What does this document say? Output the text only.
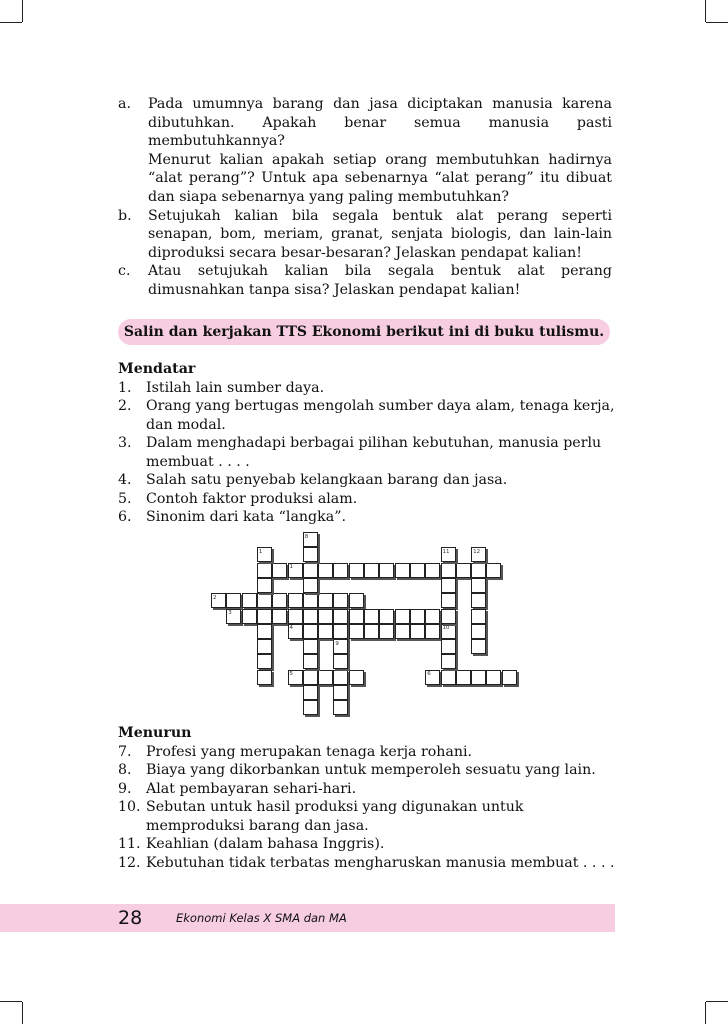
a. Pada umumnya barang dan jasa diciptakan manusia karena dibutuhkan. Apakah benar semua manusia pasti membutuhkannya?

Menurut kalian apakah setiap orang membutuhkan hadirnya “alat perang”? Untuk apa sebenarnya “alat perang” itu dibuat dan siapa sebenarnya yang paling membutuhkan?

b. Setujukah kalian bila segala bentuk alat perang seperti senapan, bom, meriam, granat, senjata biologis, dan lain-lain diproduksi secara besar-besaran? Jelaskan pendapat kalian!

c. Atau setujukah kalian bila segala bentuk alat perang dimusnahkan tanpa sisa? Jelaskan pendapat kalian!

Salin dan kerjakan TTS Ekonomi berikut ini di buku tulismu.
Mendatar
1. Istilah lain sumber daya.
2. Orang yang bertugas mengolah sumber daya alam, tenaga kerja, dan modal.
3. Dalam menghadapi berbagai pilihan kebutuhan, manusia perlu membuat . . . .
4. Salah satu penyebab kelangkaan barang dan jasa.
5. Contoh faktor produksi alam.
6. Sinonim dari kata “langka”.
8
1	11	12
1
2
3
4	10
9
5	6
Menurun
7. Profesi yang merupakan tenaga kerja rohani.
8. Biaya yang dikorbankan untuk memperoleh sesuatu yang lain.
9. Alat pembayaran sehari-hari.
10. Sebutan untuk hasil produksi yang digunakan untuk memproduksi barang dan jasa.
11. Keahlian (dalam bahasa Inggris).
12. Kebutuhan tidak terbatas mengharuskan manusia membuat . . . .
28	Ekonomi Kelas X SMA dan MA
